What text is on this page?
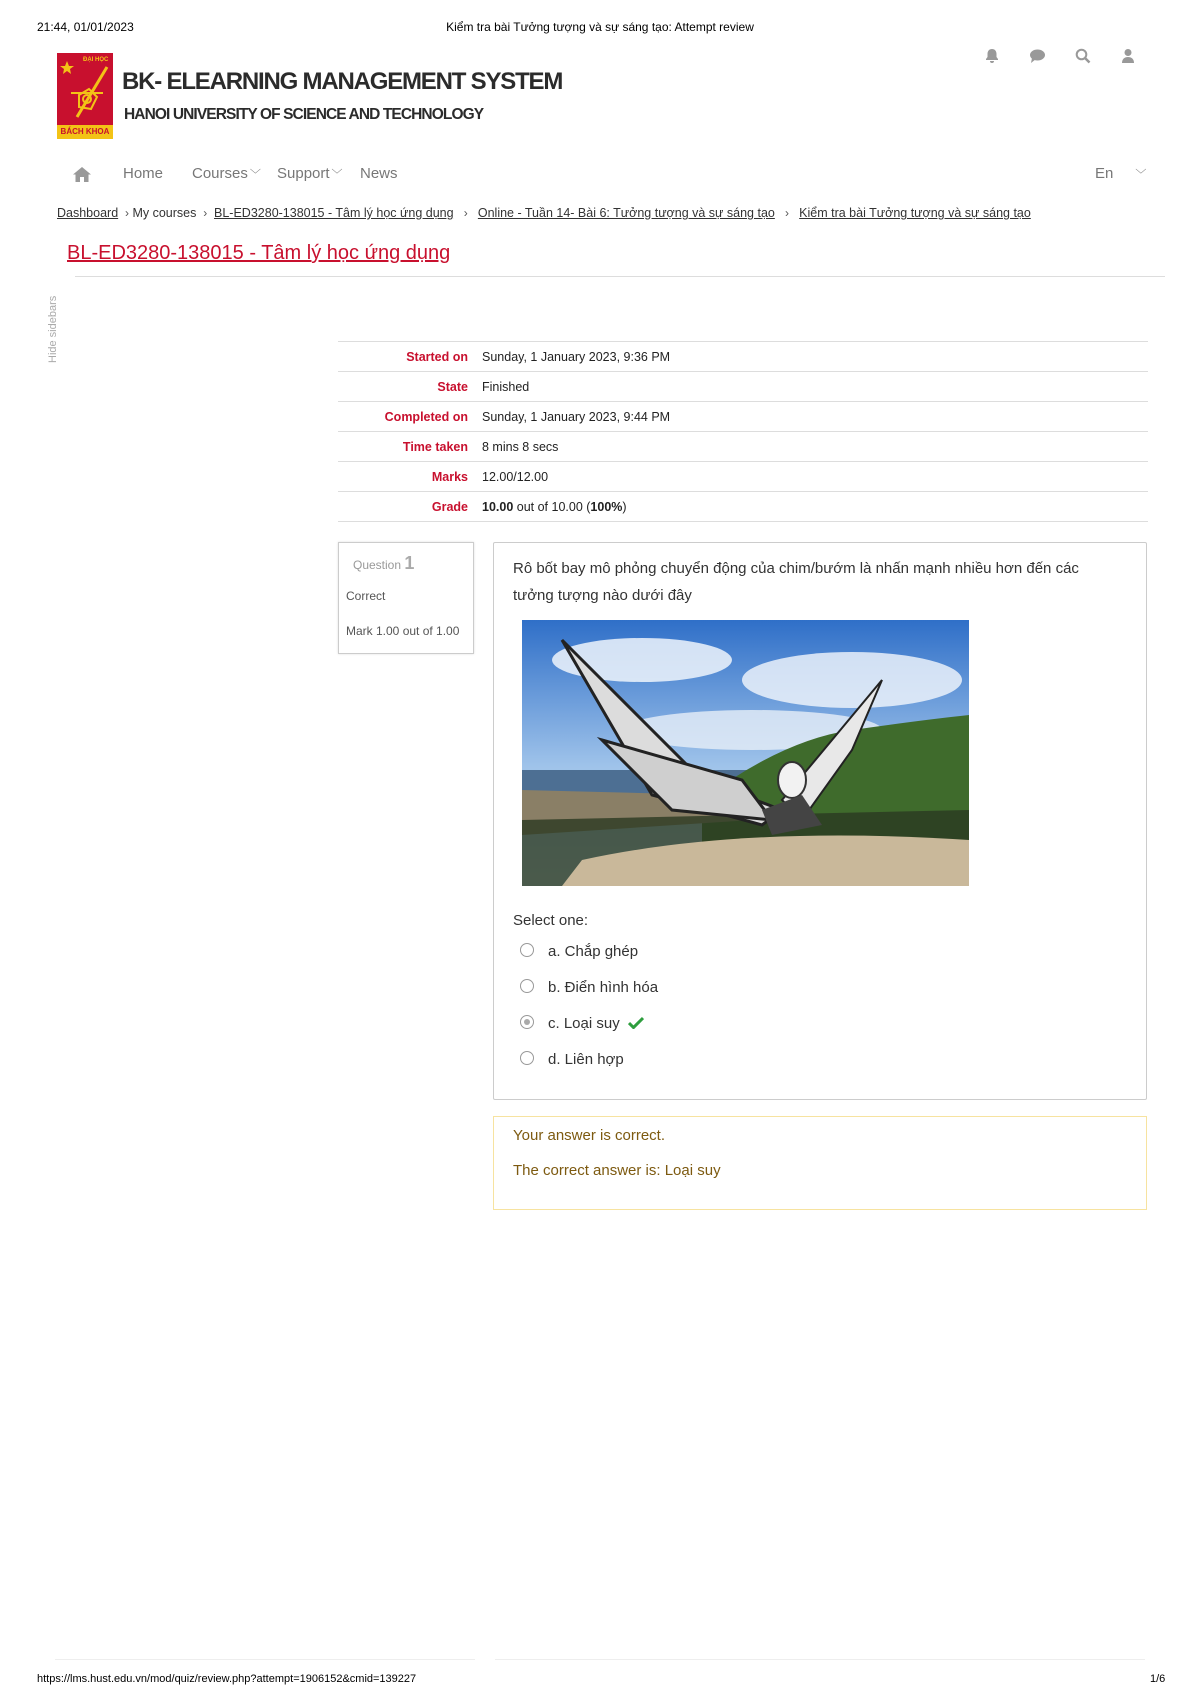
21:44, 01/01/2023	Kiểm tra bài Tưởng tượng và sự sáng tạo: Attempt review
ĐẠI HỌC
BÁCH KHOA
BK- ELEARNING MANAGEMENT SYSTEM
HANOI UNIVERSITY OF SCIENCE AND TECHNOLOGY
Home Courses ﹀ Support ﹀ News	En ﹀
Dashboard  › My courses  ›  BL-ED3280-138015 - Tâm lý học ứng dụng   ›   Online - Tuần 14- Bài 6: Tưởng tượng và sự sáng tạo   ›   Kiểm tra bài Tưởng tượng và sự sáng tạo
BL-ED3280-138015 - Tâm lý học ứng dụng
Hide sidebars	Started on	Sunday, 1 January 2023, 9:36 PM
State	Finished
Completed on	Sunday, 1 January 2023, 9:44 PM
Time taken	8 mins 8 secs
Marks	12.00/12.00
Grade	10.00 out of 10.00 (100%)
Question 1
Correct
Mark 1.00 out of 1.00
Rô bốt bay mô phỏng chuyển động của chim/bướm là nhấn mạnh nhiều hơn đến các tưởng tượng nào dưới đây
Select one:
a. Chắp ghép
b. Điển hình hóa
c. Loại suy
d. Liên hợp
Your answer is correct.
The correct answer is: Loại suy
https://lms.hust.edu.vn/mod/quiz/review.php?attempt=1906152&cmid=139227	1/6
